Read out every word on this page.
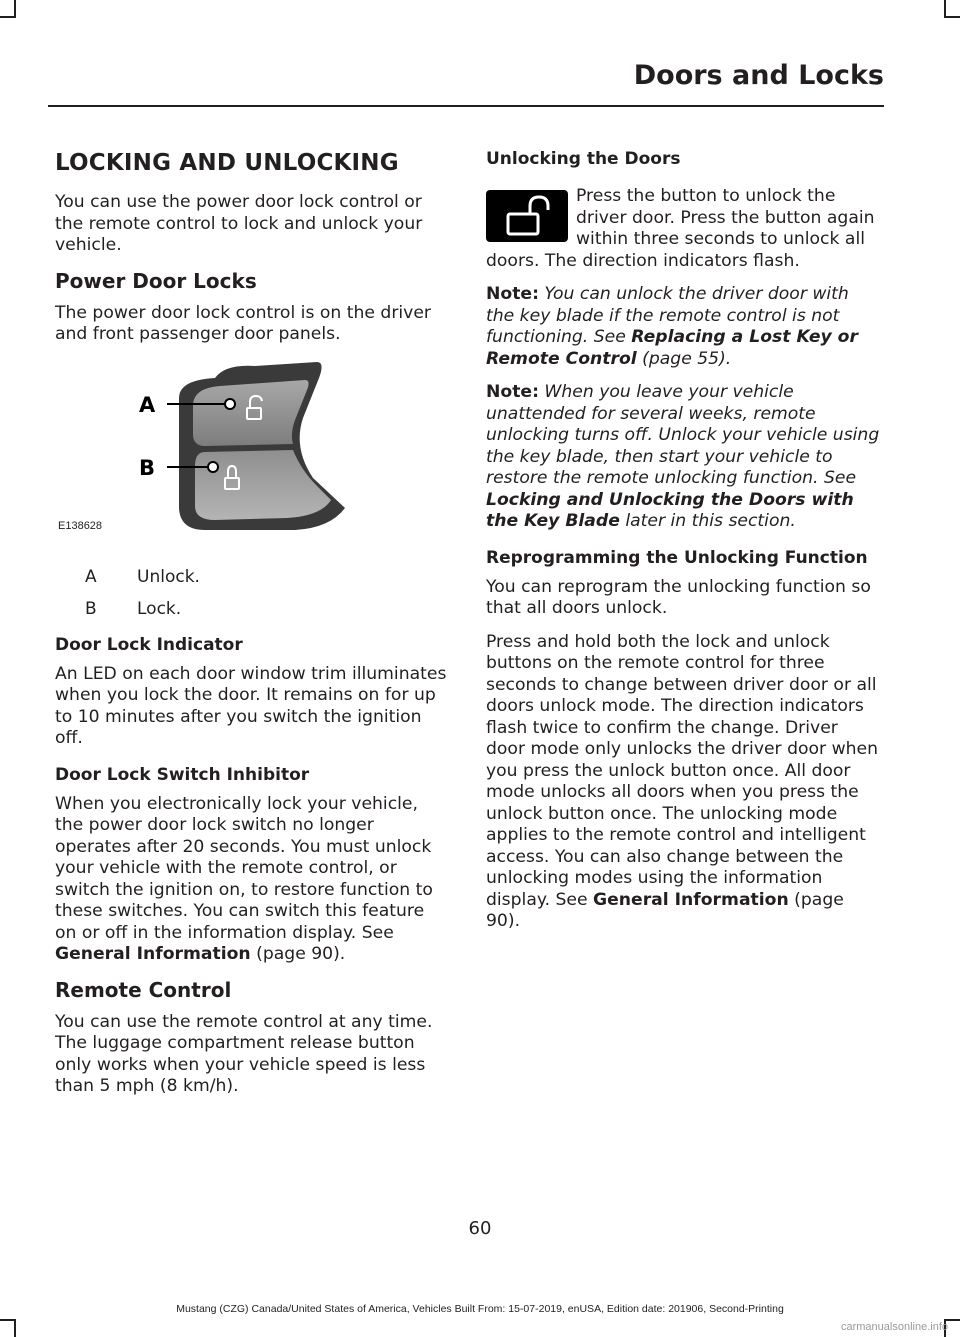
Doors and Locks
LOCKING AND UNLOCKING

You can use the power door lock control or the remote control to lock and unlock your vehicle.

Power Door Locks

The power door lock control is on the driver and front passenger door panels.

A
B
E138628
A	Unlock.
B	Lock.
Door Lock Indicator

An LED on each door window trim illuminates when you lock the door. It remains on for up to 10 minutes after you switch the ignition off.

Door Lock Switch Inhibitor

When you electronically lock your vehicle, the power door lock switch no longer operates after 20 seconds. You must unlock your vehicle with the remote control, or switch the ignition on, to restore function to these switches. You can switch this feature on or off in the information display. See General Information (page 90).

Remote Control

You can use the remote control at any time. The luggage compartment release button only works when your vehicle speed is less than 5 mph (8 km/h).

Unlocking the Doors

Press the button to unlock the driver door. Press the button again within three seconds to unlock all doors. The direction indicators flash.

Note: You can unlock the driver door with the key blade if the remote control is not functioning. See Replacing a Lost Key or Remote Control (page 55).

Note: When you leave your vehicle unattended for several weeks, remote unlocking turns off. Unlock your vehicle using the key blade, then start your vehicle to restore the remote unlocking function. See Locking and Unlocking the Doors with the Key Blade later in this section.

Reprogramming the Unlocking Function

You can reprogram the unlocking function so that all doors unlock.

Press and hold both the lock and unlock buttons on the remote control for three seconds to change between driver door or all doors unlock mode. The direction indicators flash twice to confirm the change. Driver door mode only unlocks the driver door when you press the unlock button once. All door mode unlocks all doors when you press the unlock button once. The unlocking mode applies to the remote control and intelligent access. You can also change between the unlocking modes using the information display. See General Information (page 90).

60
Mustang (CZG) Canada/United States of America, Vehicles Built From: 15-07-2019, enUSA, Edition date: 201906, Second-Printing
carmanualsonline.info
